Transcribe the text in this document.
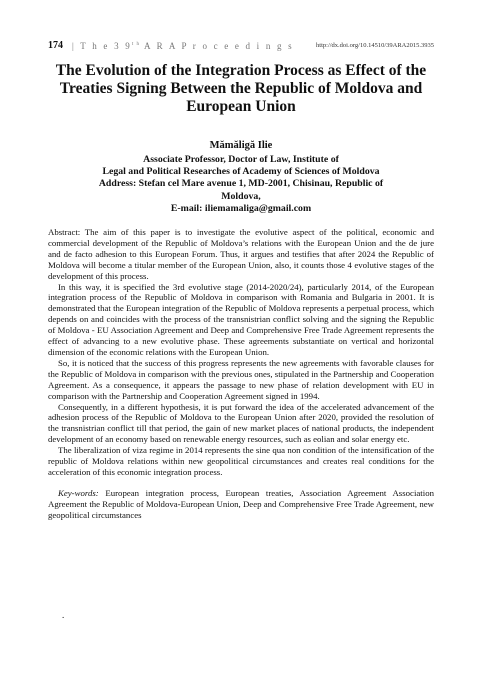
174 | T h e 3 $9^{t h}$ A R A P r o c e e d i n g s	http://dx.doi.org/10.14510/39ARA2015.3935
The Evolution of the Integration Process as Effect of the Treaties Signing Between the Republic of Moldova and European Union
Mămăligă Ilie
Associate Professor, Doctor of Law, Institute of
Legal and Political Researches of Academy of Sciences of Moldova
Address: Stefan cel Mare avenue 1, MD-2001, Chisinau, Republic of
Moldova,
E-mail: iliemamaliga@gmail.com

Abstract: The aim of this paper is to investigate the evolutive aspect of the political, economic and commercial development of the Republic of Moldova’s relations with the European Union and the de jure and de facto adhesion to this European Forum. Thus, it argues and testifies that after 2024 the Republic of Moldova will become a titular member of the European Union, also, it counts those 4 evolutive stages of the development of this process.

In this way, it is specified the 3rd evolutive stage (2014-2020/24), particularly 2014, of the European integration process of the Republic of Moldova in comparison with Romania and Bulgaria in 2001. It is demonstrated that the European integration of the Republic of Moldova represents a perpetual process, which depends on and coincides with the process of the transnistrian conflict solving and the signing the Republic of Moldova - EU Association Agreement and Deep and Comprehensive Free Trade Agreement represents the effect of advancing to a new evolutive phase. These agreements substantiate on vertical and horizontal dimension of the economic relations with the European Union.

So, it is noticed that the success of this progress represents the new agreements with favorable clauses for the Republic of Moldova in comparison with the previous ones, stipulated in the Partnership and Cooperation Agreement. As a consequence, it appears the passage to new phase of relation development with EU in comparison with the Partnership and Cooperation Agreement signed in 1994.

Consequently, in a different hypothesis, it is put forward the idea of the accelerated advancement of the adhesion process of the Republic of Moldova to the European Union after 2020, provided the resolution of the transnistrian conflict till that period, the gain of new market places of national products, the independent development of an economy based on renewable energy resources, such as eolian and solar energy etc.

The liberalization of viza regime in 2014 represents the sine qua non condition of the intensification of the republic of Moldova relations within new geopolitical circumstances and creates real conditions for the acceleration of this economic integration process.

Key-words: European integration process, European treaties, Association Agreement Association Agreement the Republic of Moldova-European Union, Deep and Comprehensive Free Trade Agreement, new geopolitical circumstances

.
